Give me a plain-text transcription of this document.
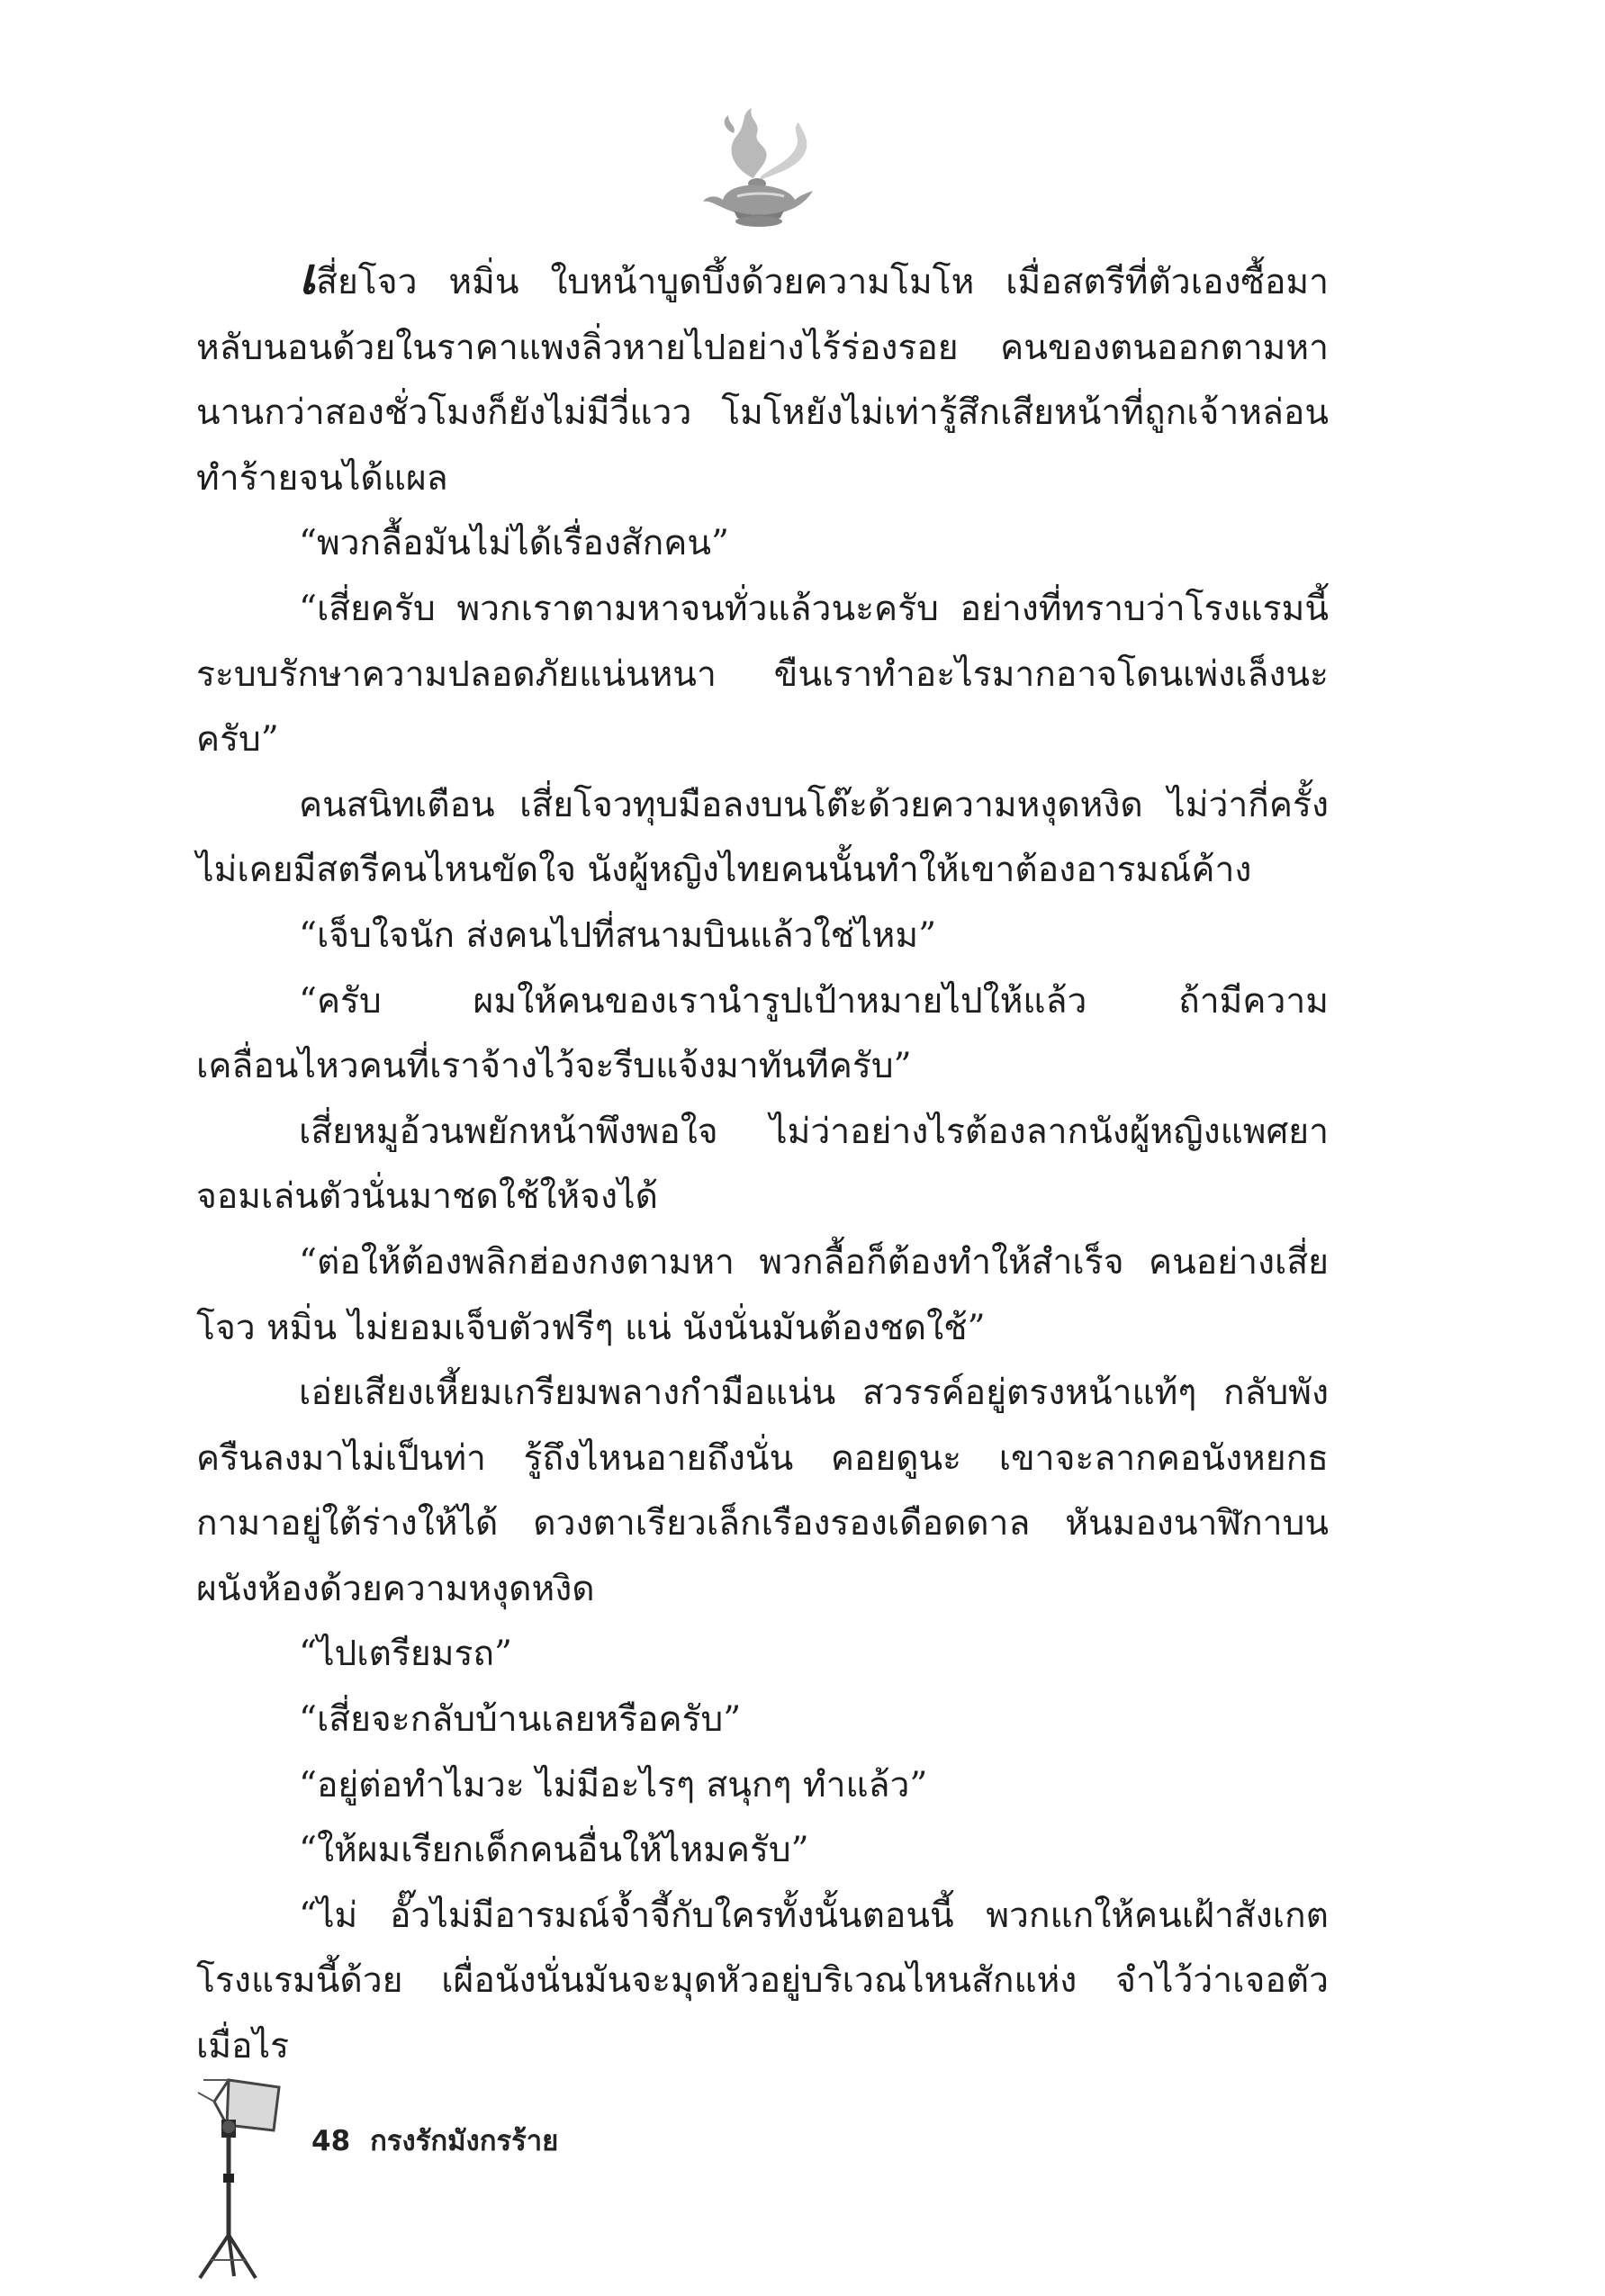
เสี่ยโจว หมิ่น ใบหน้าบูดบึ้งด้วยความโมโห เมื่อสตรีที่ตัวเองซื้อมาหลับนอนด้วยในราคาแพงลิ่วหายไปอย่างไร้ร่องรอย คนของตนออกตามหานานกว่าสองชั่วโมงก็ยังไม่มีวี่แวว โมโหยังไม่เท่ารู้สึกเสียหน้าที่ถูกเจ้าหล่อนทำร้ายจนได้แผล

“พวกลื้อมันไม่ได้เรื่องสักคน”

“เสี่ยครับ พวกเราตามหาจนทั่วแล้วนะครับ อย่างที่ทราบว่าโรงแรมนี้ระบบรักษาความปลอดภัยแน่นหนา ขืนเราทำอะไรมากอาจโดนเพ่งเล็งนะครับ”

คนสนิทเตือน เสี่ยโจวทุบมือลงบนโต๊ะด้วยความหงุดหงิด ไม่ว่ากี่ครั้งไม่เคยมีสตรีคนไหนขัดใจ นังผู้หญิงไทยคนนั้นทำให้เขาต้องอารมณ์ค้าง

“เจ็บใจนัก ส่งคนไปที่สนามบินแล้วใช่ไหม”

“ครับ ผมให้คนของเรานำรูปเป้าหมายไปให้แล้ว ถ้ามีความเคลื่อนไหวคนที่เราจ้างไว้จะรีบแจ้งมาทันทีครับ”

เสี่ยหมูอ้วนพยักหน้าพึงพอใจ ไม่ว่าอย่างไรต้องลากนังผู้หญิงแพศยาจอมเล่นตัวนั่นมาชดใช้ให้จงได้

“ต่อให้ต้องพลิกฮ่องกงตามหา พวกลื้อก็ต้องทำให้สำเร็จ คนอย่างเสี่ยโจว หมิ่น ไม่ยอมเจ็บตัวฟรีๆ แน่ นังนั่นมันต้องชดใช้”

เอ่ยเสียงเหี้ยมเกรียมพลางกำมือแน่น สวรรค์อยู่ตรงหน้าแท้ๆ กลับพังครืนลงมาไม่เป็นท่า รู้ถึงไหนอายถึงนั่น คอยดูนะ เขาจะลากคอนังหยกธกามาอยู่ใต้ร่างให้ได้ ดวงตาเรียวเล็กเรืองรองเดือดดาล หันมองนาฬิกาบนผนังห้องด้วยความหงุดหงิด

“ไปเตรียมรถ”

“เสี่ยจะกลับบ้านเลยหรือครับ”

“อยู่ต่อทำไมวะ ไม่มีอะไรๆ สนุกๆ ทำแล้ว”

“ให้ผมเรียกเด็กคนอื่นให้ไหมครับ”

“ไม่ อั๊วไม่มีอารมณ์จ้ำจี้กับใครทั้งนั้นตอนนี้ พวกแกให้คนเฝ้าสังเกตโรงแรมนี้ด้วย เผื่อนังนั่นมันจะมุดหัวอยู่บริเวณไหนสักแห่ง จำไว้ว่าเจอตัวเมื่อไร

48 กรงรักมังกรร้าย
